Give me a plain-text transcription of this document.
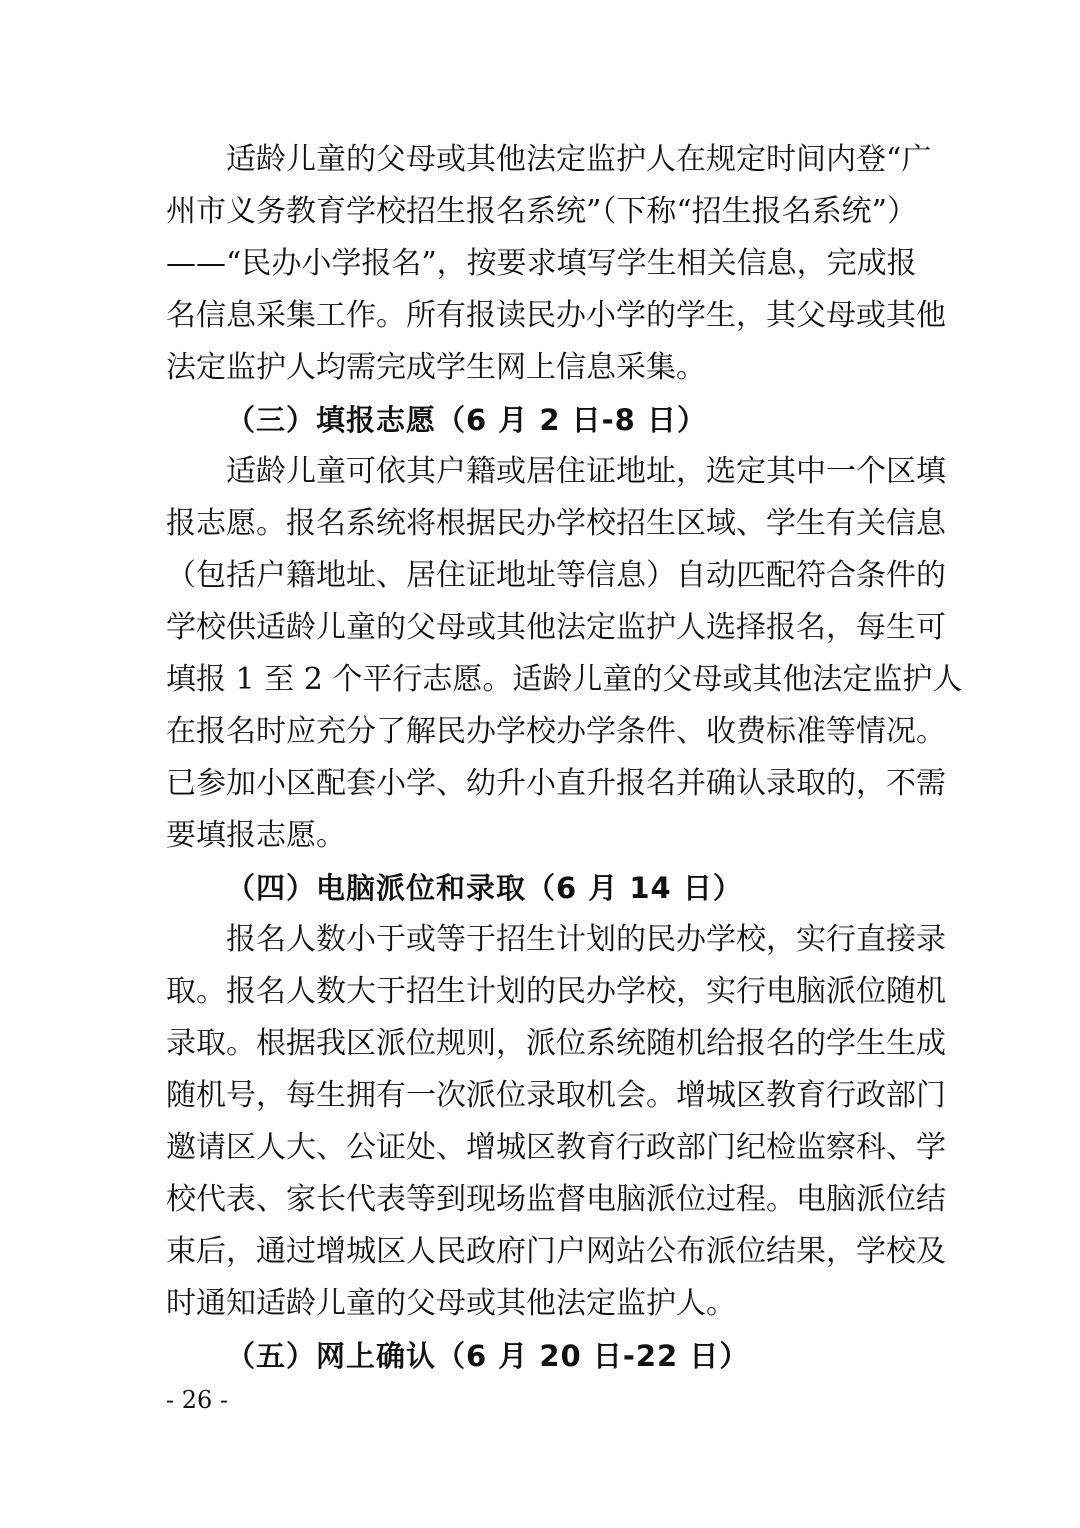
适龄儿童的父母或其他法定监护人在规定时间内登“广
州市义务教育学校招生报名系统”（下称“招生报名系统”）
——“民办小学报名”，按要求填写学生相关信息，完成报
名信息采集工作。所有报读民办小学的学生，其父母或其他
法定监护人均需完成学生网上信息采集。
（三）填报志愿（6 月 2 日-8 日）
适龄儿童可依其户籍或居住证地址，选定其中一个区填
报志愿。报名系统将根据民办学校招生区域、学生有关信息
（包括户籍地址、居住证地址等信息）自动匹配符合条件的
学校供适龄儿童的父母或其他法定监护人选择报名，每生可
填报 1 至 2 个平行志愿。适龄儿童的父母或其他法定监护人
在报名时应充分了解民办学校办学条件、收费标准等情况。
已参加小区配套小学、幼升小直升报名并确认录取的，不需
要填报志愿。
（四）电脑派位和录取（6 月 14 日）
报名人数小于或等于招生计划的民办学校，实行直接录
取。报名人数大于招生计划的民办学校，实行电脑派位随机
录取。根据我区派位规则，派位系统随机给报名的学生生成
随机号，每生拥有一次派位录取机会。增城区教育行政部门
邀请区人大、公证处、增城区教育行政部门纪检监察科、学
校代表、家长代表等到现场监督电脑派位过程。电脑派位结
束后，通过增城区人民政府门户网站公布派位结果，学校及
时通知适龄儿童的父母或其他法定监护人。
（五）网上确认（6 月 20 日-22 日）
- 26 -
